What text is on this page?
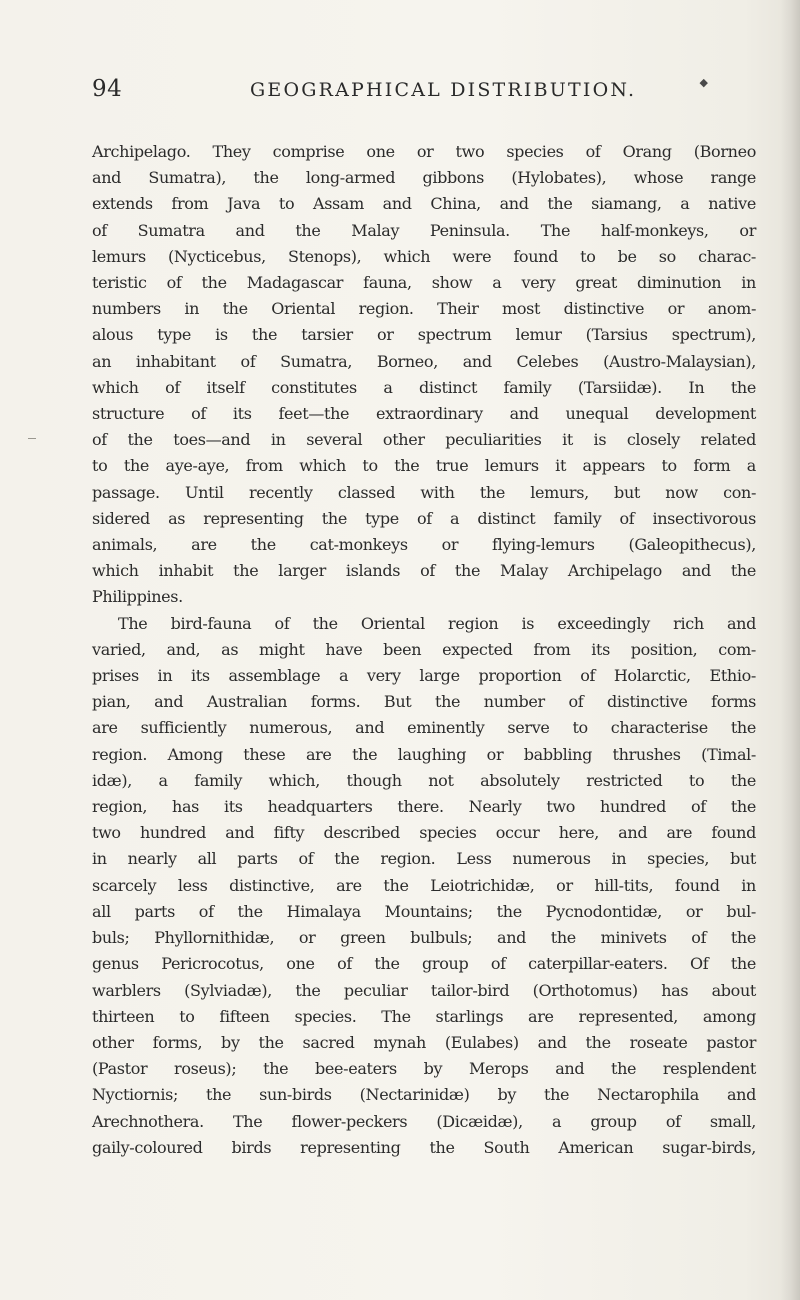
94	GEOGRAPHICAL DISTRIBUTION.	◆

Archipelago. They comprise one or two species of Orang (Borneo

and Sumatra), the long-armed gibbons (Hylobates), whose range

extends from Java to Assam and China, and the siamang, a native

of Sumatra and the Malay Peninsula. The half-monkeys, or

lemurs (Nycticebus, Stenops), which were found to be so charac-

teristic of the Madagascar fauna, show a very great diminution in

numbers in the Oriental region. Their most distinctive or anom-

alous type is the tarsier or spectrum lemur (Tarsius spectrum),

an inhabitant of Sumatra, Borneo, and Celebes (Austro-Malaysian),

which of itself constitutes a distinct family (Tarsiidæ). In the

structure of its feet—the extraordinary and unequal development

of the toes—and in several other peculiarities it is closely related

to the aye-aye, from which to the true lemurs it appears to form a

passage. Until recently classed with the lemurs, but now con-

sidered as representing the type of a distinct family of insectivorous

animals, are the cat-monkeys or flying-lemurs (Galeopithecus),

which inhabit the larger islands of the Malay Archipelago and the

Philippines.

The bird-fauna of the Oriental region is exceedingly rich and

varied, and, as might have been expected from its position, com-

prises in its assemblage a very large proportion of Holarctic, Ethio-

pian, and Australian forms. But the number of distinctive forms

are sufficiently numerous, and eminently serve to characterise the

region. Among these are the laughing or babbling thrushes (Timal-

idæ), a family which, though not absolutely restricted to the

region, has its headquarters there. Nearly two hundred of the

two hundred and fifty described species occur here, and are found

in nearly all parts of the region. Less numerous in species, but

scarcely less distinctive, are the Leiotrichidæ, or hill-tits, found in

all parts of the Himalaya Mountains; the Pycnodontidæ, or bul-

buls; Phyllornithidæ, or green bulbuls; and the minivets of the

genus Pericrocotus, one of the group of caterpillar-eaters. Of the

warblers (Sylviadæ), the peculiar tailor-bird (Orthotomus) has about

thirteen to fifteen species. The starlings are represented, among

other forms, by the sacred mynah (Eulabes) and the roseate pastor

(Pastor roseus); the bee-eaters by Merops and the resplendent

Nyctiornis; the sun-birds (Nectarinidæ) by the Nectarophila and

Arechnothera. The flower-peckers (Dicæidæ), a group of small,

gaily-coloured birds representing the South American sugar-birds,
